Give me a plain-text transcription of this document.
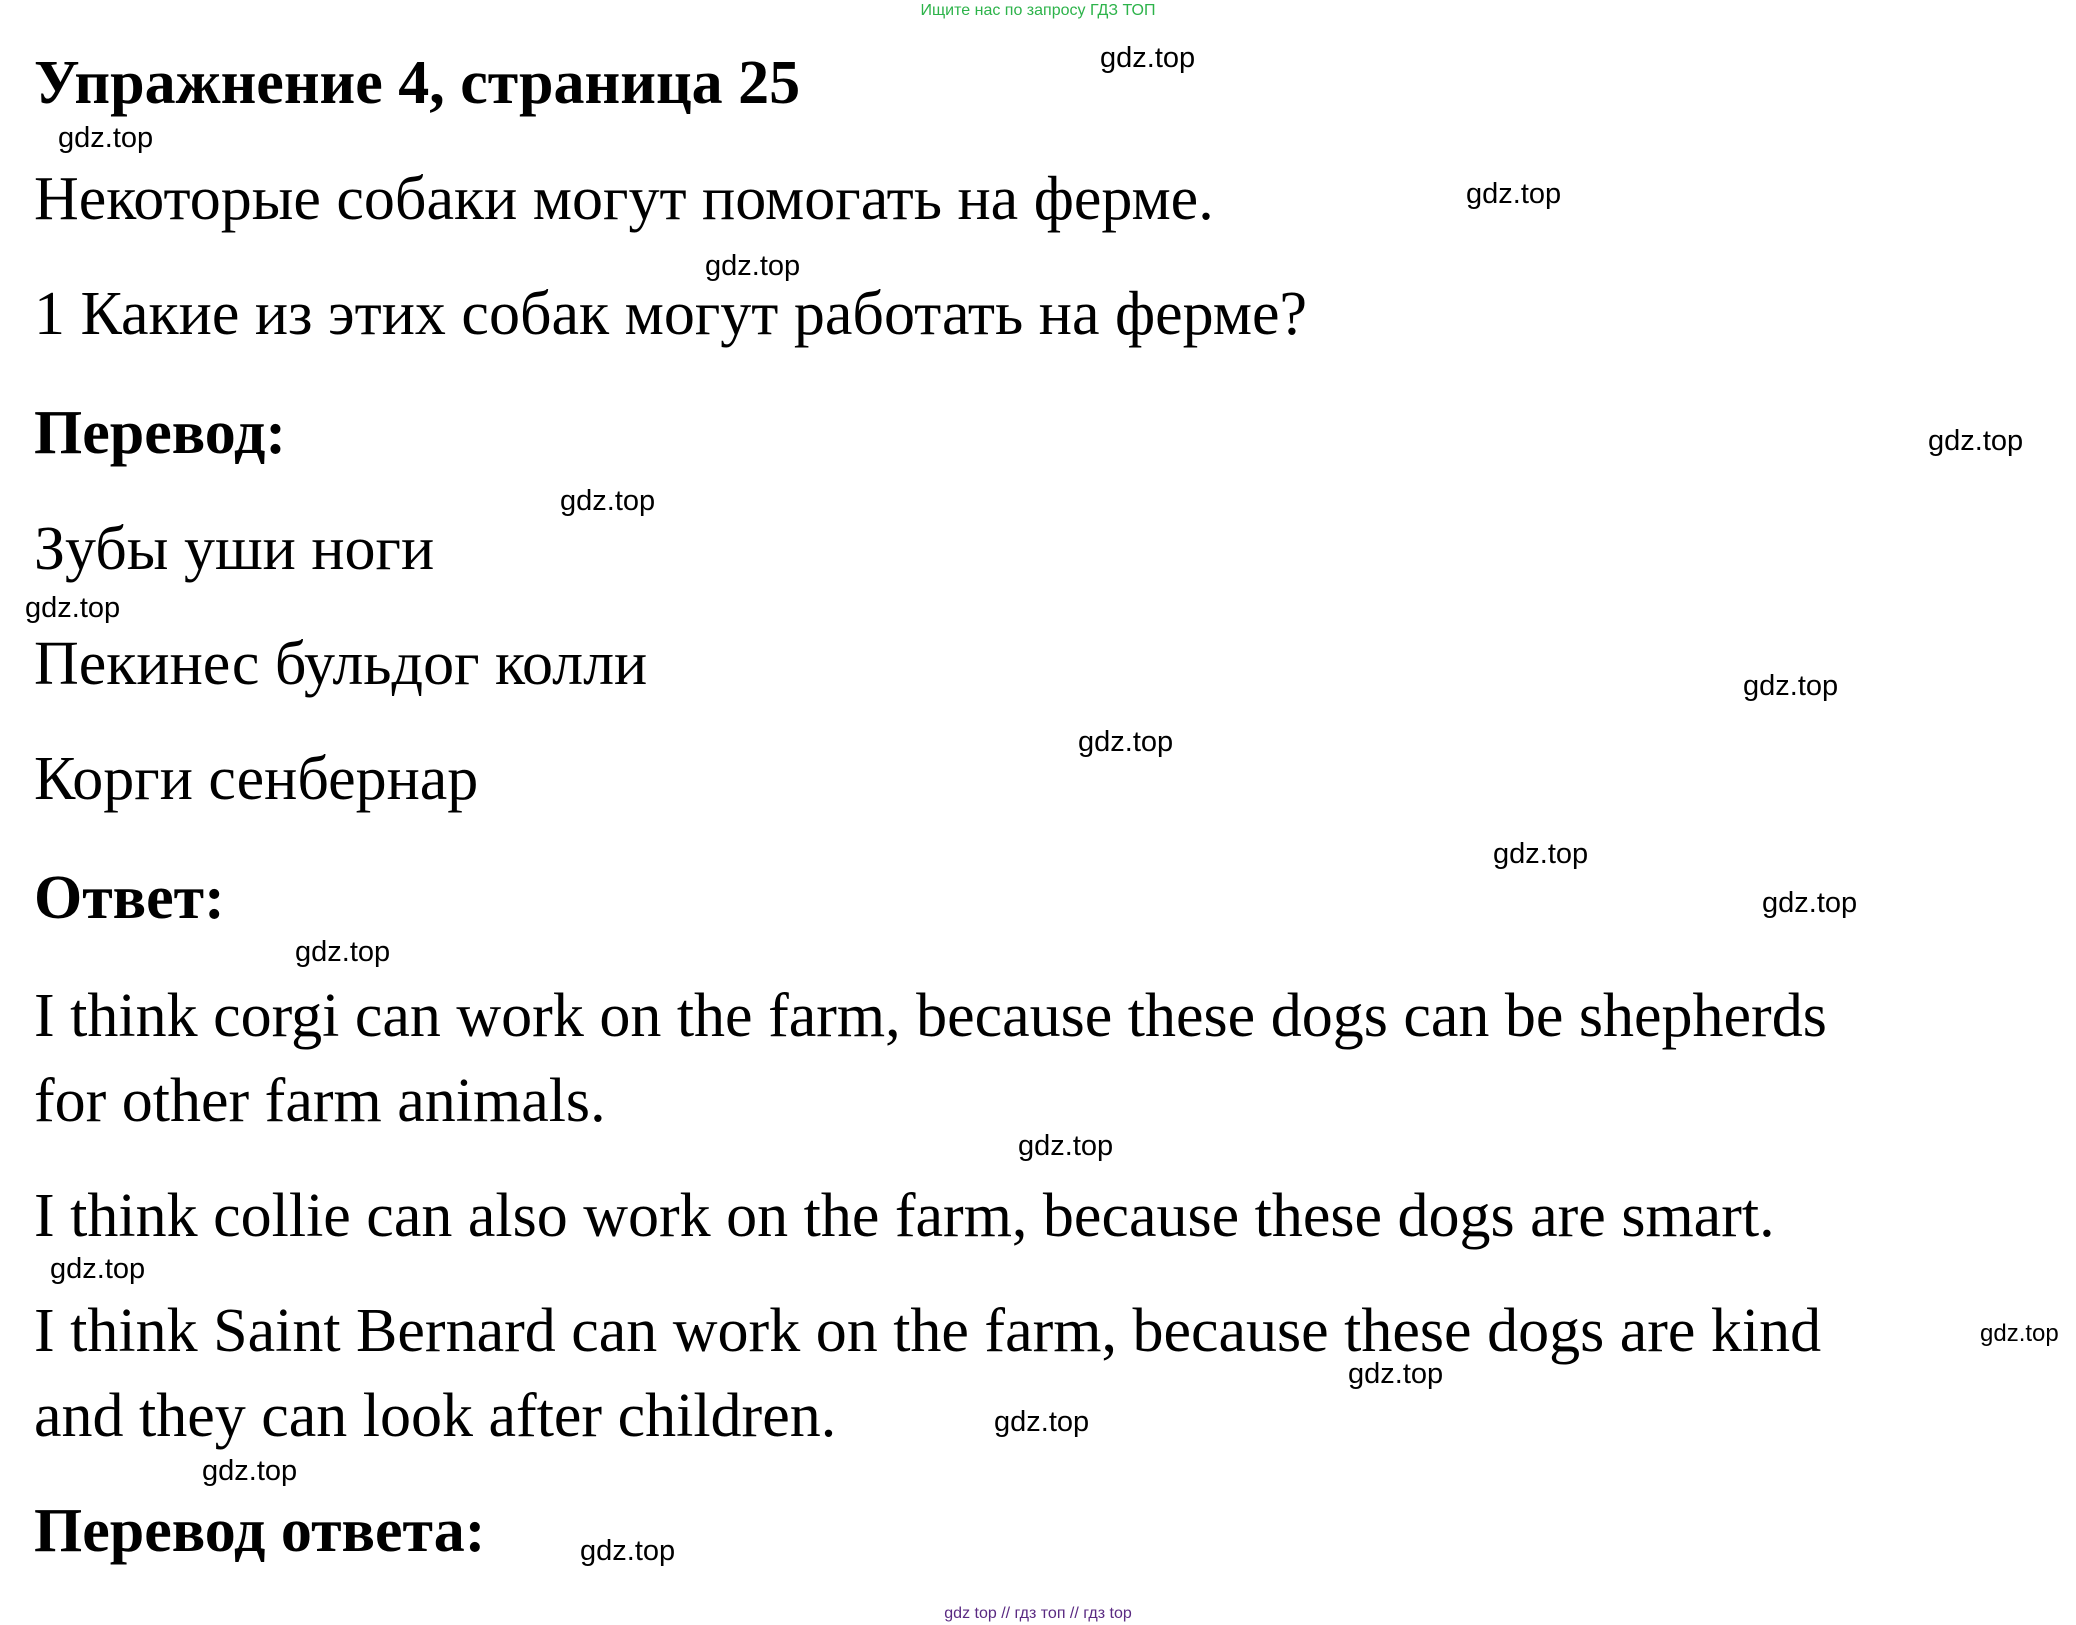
Ищите нас по запросу ГДЗ ТОП
Упражнение 4, страница 25
Некоторые собаки могут помогать на ферме.
1 Какие из этих собак могут работать на ферме?
Перевод:
Зубы уши ноги
Пекинес бульдог колли
Корги сенбернар
Ответ:
I think corgi can work on the farm, because these dogs can be shepherds
for other farm animals.
I think collie can also work on the farm, because these dogs are smart.
I think Saint Bernard can work on the farm, because these dogs are kind
and they can look after children.
Перевод ответа:
gdz.top
gdz.top
gdz.top
gdz.top
gdz.top
gdz.top
gdz.top
gdz.top
gdz.top
gdz.top
gdz.top
gdz.top
gdz.top
gdz.top
gdz.top
gdz.top
gdz.top
gdz.top
gdz.top
gdz top // гдз топ // гдз top
